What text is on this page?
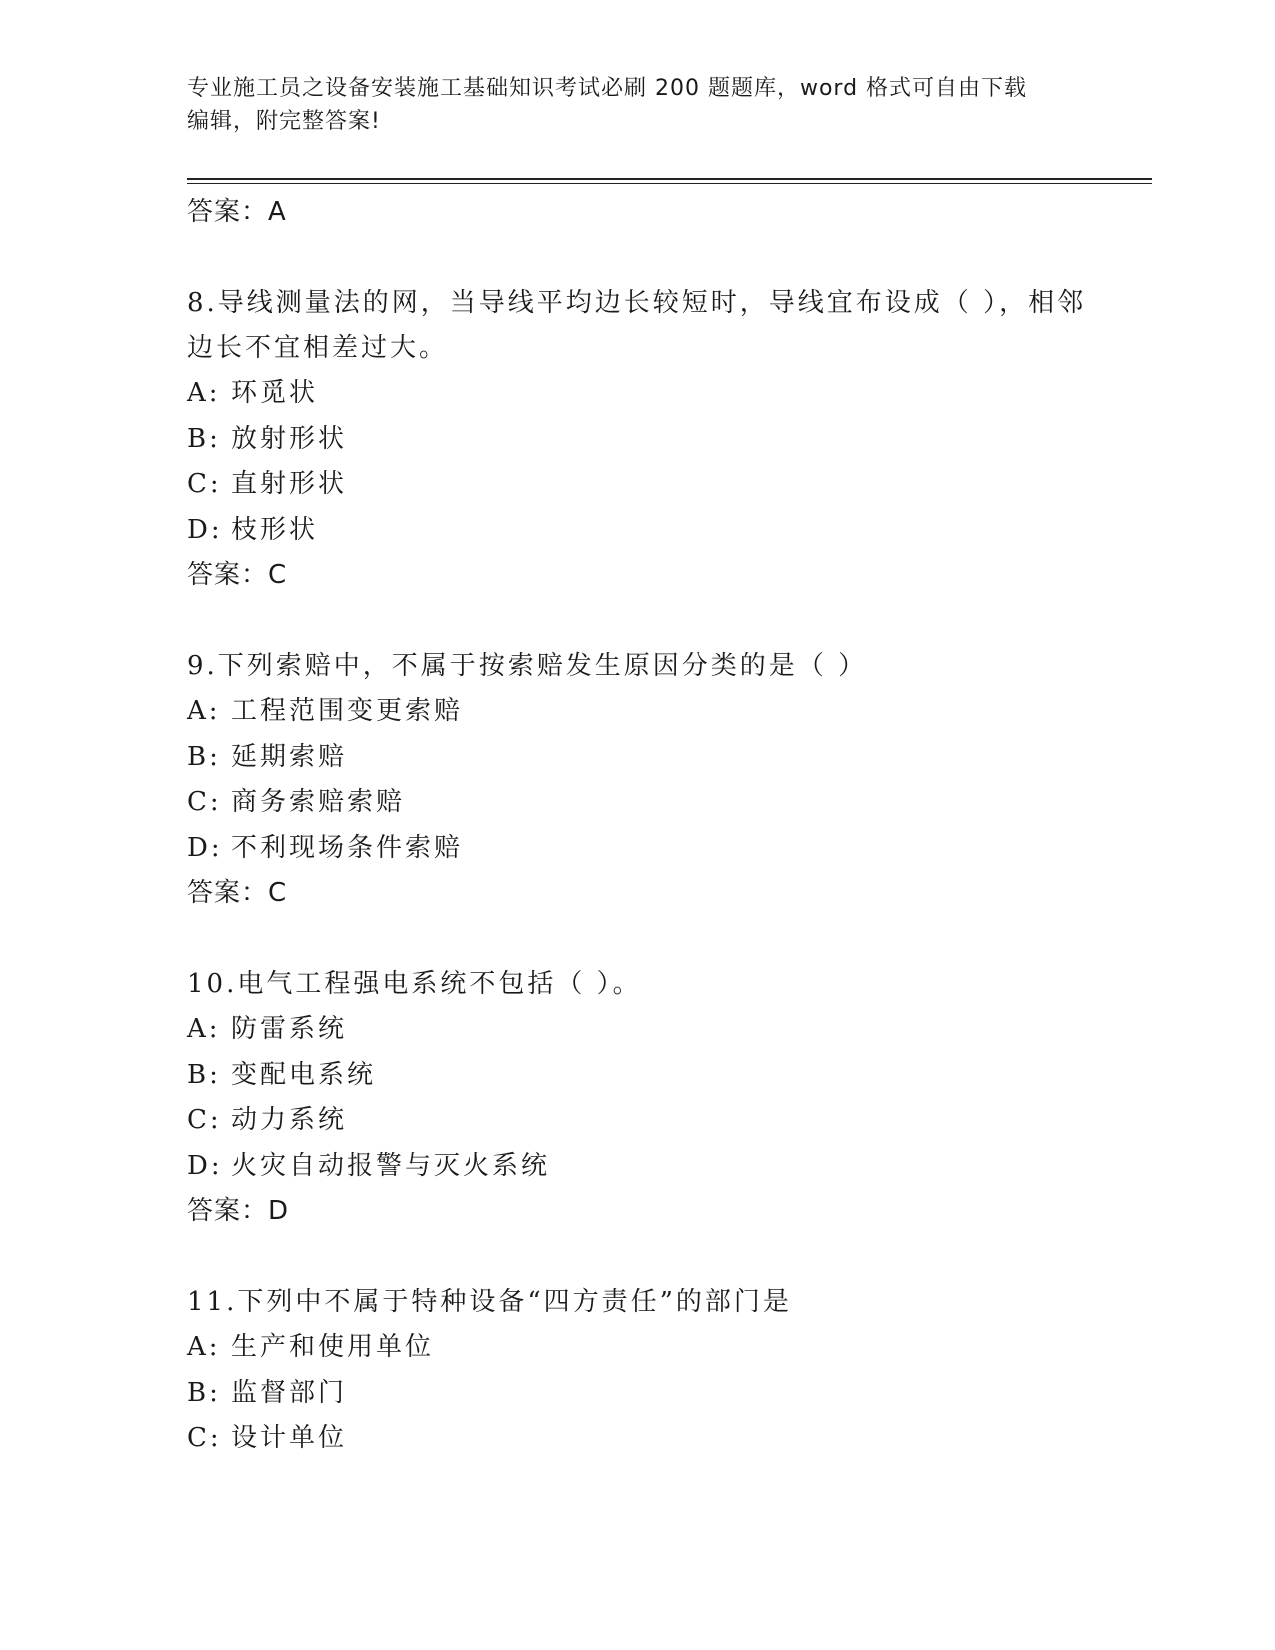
专业施工员之设备安装施工基础知识考试必刷 200 题题库，word 格式可自由下载
编辑，附完整答案!
答案：A
8.导线测量法的网，当导线平均边长较短时，导线宜布设成（ ），相邻边长不宜相差过大。
A: 环觅状
B: 放射形状
C: 直射形状
D: 枝形状
答案：C
9.下列索赔中，不属于按索赔发生原因分类的是（ ）
A: 工程范围变更索赔
B: 延期索赔
C: 商务索赔索赔
D: 不利现场条件索赔
答案：C
10.电气工程强电系统不包括（ ）。
A: 防雷系统
B: 变配电系统
C: 动力系统
D: 火灾自动报警与灭火系统
答案：D
11.下列中不属于特种设备“四方责任”的部门是
A: 生产和使用单位
B: 监督部门
C: 设计单位
